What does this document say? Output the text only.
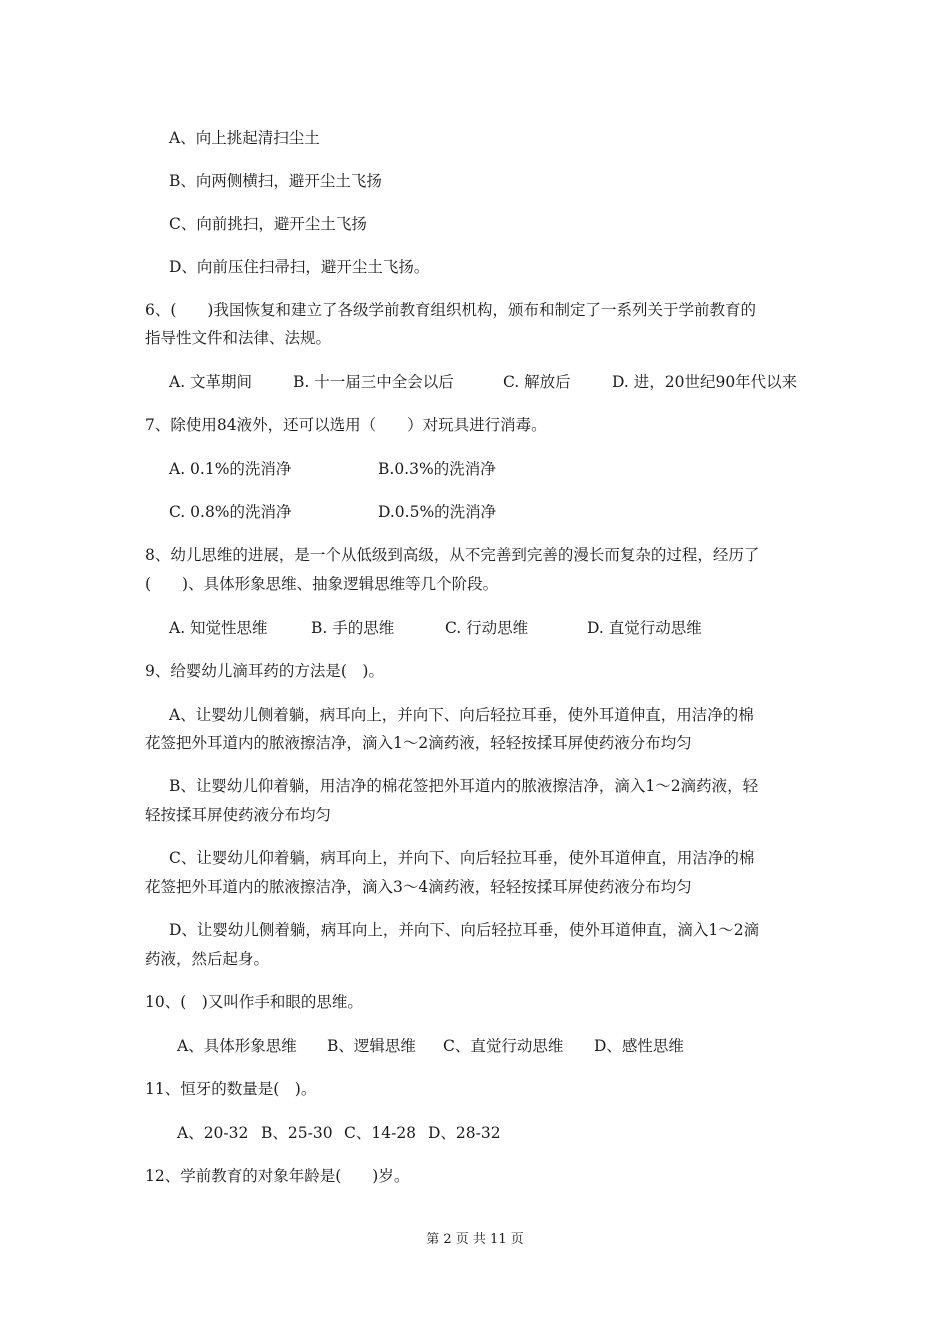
A、向上挑起清扫尘土
B、向两侧横扫，避开尘土飞扬
C、向前挑扫，避开尘土飞扬
D、向前压住扫帚扫，避开尘土飞扬。
6、(　　)我国恢复和建立了各级学前教育组织机构，颁布和制定了一系列关于学前教育的
指导性文件和法律、法规。

A. 文革期间

	B. 十一届三中全会以后

	C. 解放后

	D. 进，20世纪90年代以来

7、除使用84液外，还可以选用（　　）对玩具进行消毒。

A. 0.1%的洗消净

	B.0.3%的洗消净

C. 0.8%的洗消净

	D.0.5%的洗消净

8、幼儿思维的进展，是一个从低级到高级，从不完善到完善的漫长而复杂的过程，经历了
(　　)、具体形象思维、抽象逻辑思维等几个阶段。

A. 知觉性思维

	B. 手的思维

	C. 行动思维

	D. 直觉行动思维

9、给婴幼儿滴耳药的方法是(　)。
A、让婴幼儿侧着躺，病耳向上，并向下、向后轻拉耳垂，使外耳道伸直，用洁净的棉
花签把外耳道内的脓液擦洁净，滴入1～2滴药液，轻轻按揉耳屏使药液分布均匀
B、让婴幼儿仰着躺，用洁净的棉花签把外耳道内的脓液擦洁净，滴入1～2滴药液，轻
轻按揉耳屏使药液分布均匀
C、让婴幼儿仰着躺，病耳向上，并向下、向后轻拉耳垂，使外耳道伸直，用洁净的棉
花签把外耳道内的脓液擦洁净，滴入3～4滴药液，轻轻按揉耳屏使药液分布均匀
D、让婴幼儿侧着躺，病耳向上，并向下、向后轻拉耳垂，使外耳道伸直，滴入1～2滴
药液，然后起身。
10、(　)又叫作手和眼的思维。

A、具体形象思维

B、逻辑思维

C、直觉行动思维

D、感性思维

11、恒牙的数量是(　)。

A、20-32

B、25-30

C、14-28

D、28-32

12、学前教育的对象年龄是(　　)岁。
第 2 页 共 11 页
